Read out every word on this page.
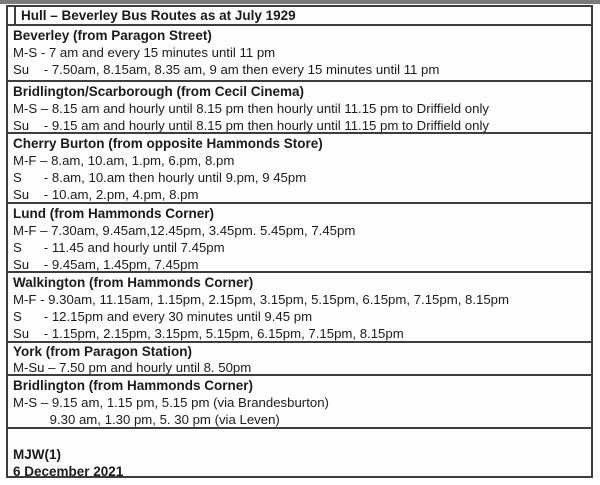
Hull – Beverley Bus Routes as at July 1929
Beverley (from Paragon Street)
M-S - 7 am and every 15 minutes until 11 pm
Su    - 7.50am, 8.15am, 8.35 am, 9 am then every 15 minutes until 11 pm
Bridlington/Scarborough (from Cecil Cinema)
M-S – 8.15 am and hourly until 8.15 pm then hourly until 11.15 pm to Driffield only
Su    - 9.15 am and hourly until 8.15 pm then hourly until 11.15 pm to Driffield only
Cherry Burton (from opposite Hammonds Store)
M-F – 8.am, 10.am, 1.pm, 6.pm, 8.pm
S      - 8.am, 10.am then hourly until 9.pm, 9 45pm
Su    - 10.am, 2.pm, 4.pm, 8.pm
Lund (from Hammonds Corner)
M-F – 7.30am, 9.45am,12.45pm, 3.45pm. 5.45pm, 7.45pm
S      - 11.45 and hourly until 7.45pm
Su    - 9.45am, 1.45pm, 7.45pm
Walkington (from Hammonds Corner)
M-F - 9.30am, 11.15am, 1.15pm, 2.15pm, 3.15pm, 5.15pm, 6.15pm, 7.15pm, 8.15pm
S      - 12.15pm and every 30 minutes until 9.45 pm
Su    - 1.15pm, 2.15pm, 3.15pm, 5.15pm, 6.15pm, 7.15pm, 8.15pm
York (from Paragon Station)
M-Su – 7.50 pm and hourly until 8. 50pm
Bridlington (from Hammonds Corner)
M-S – 9.15 am, 1.15 pm, 5.15 pm (via Brandesburton)
9.30 am, 1.30 pm, 5. 30 pm (via Leven)
MJW(1)
6 December 2021
